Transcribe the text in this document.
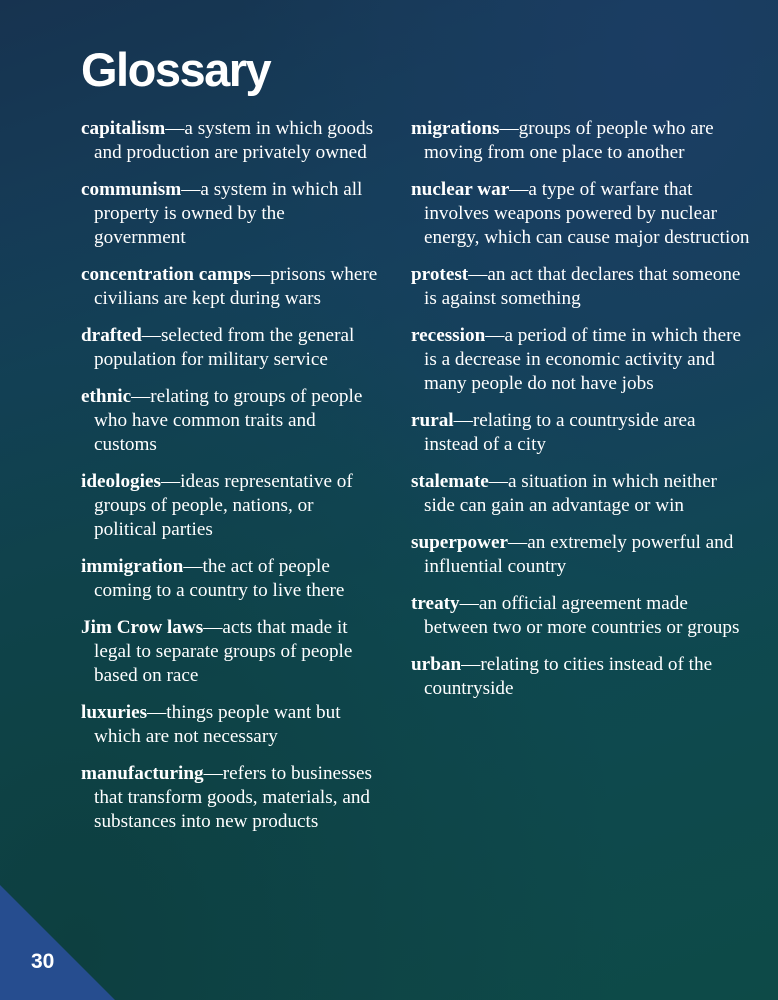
Glossary

capitalism—a system in which goods and production are privately owned

communism—a system in which all property is owned by the government

concentration camps—prisons where civilians are kept during wars

drafted—selected from the general population for military service

ethnic—relating to groups of people who have common traits and customs

ideologies—ideas representative of groups of people, nations, or political parties

immigration—the act of people coming to a country to live there

Jim Crow laws—acts that made it legal to separate groups of people based on race

luxuries—things people want but which are not necessary

manufacturing—refers to businesses that transform goods, materials, and substances into new products

migrations—groups of people who are moving from one place to another

nuclear war—a type of warfare that involves weapons powered by nuclear energy, which can cause major destruction

protest—an act that declares that someone is against something

recession—a period of time in which there is a decrease in economic activity and many people do not have jobs

rural—relating to a countryside area instead of a city

stalemate—a situation in which neither side can gain an advantage or win

superpower—an extremely powerful and influential country

treaty—an official agreement made between two or more countries or groups

urban—relating to cities instead of the countryside

30
